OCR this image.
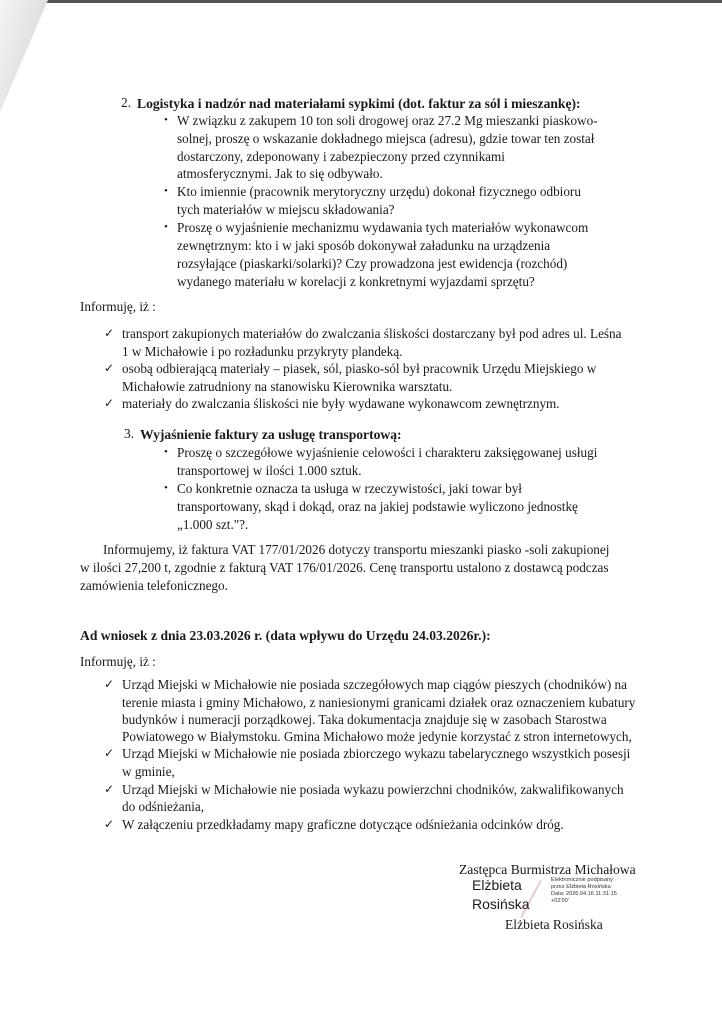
2. Logistyka i nadzór nad materiałami sypkimi (dot. faktur za sól i mieszankę):
• W związku z zakupem 10 ton soli drogowej oraz 27.2 Mg mieszanki piaskowo-
solnej, proszę o wskazanie dokładnego miejsca (adresu), gdzie towar ten został
dostarczony, zdeponowany i zabezpieczony przed czynnikami
atmosferycznymi. Jak to się odbywało.
• Kto imiennie (pracownik merytoryczny urzędu) dokonał fizycznego odbioru
tych materiałów w miejscu składowania?
• Proszę o wyjaśnienie mechanizmu wydawania tych materiałów wykonawcom
zewnętrznym: kto i w jaki sposób dokonywał załadunku na urządzenia
rozsyłające (piaskarki/solarki)? Czy prowadzona jest ewidencja (rozchód)
wydanego materiału w korelacji z konkretnymi wyjazdami sprzętu?
Informuję, iż :
✓ transport zakupionych materiałów do zwalczania śliskości dostarczany był pod adres ul. Leśna
1 w Michałowie i po rozładunku przykryty plandeką.
✓ osobą odbierającą materiały – piasek, sól, piasko-sól był pracownik Urzędu Miejskiego w
Michałowie zatrudniony na stanowisku Kierownika warsztatu.
✓ materiały do zwalczania śliskości nie były wydawane wykonawcom zewnętrznym.
3. Wyjaśnienie faktury za usługę transportową:
• Proszę o szczegółowe wyjaśnienie celowości i charakteru zaksięgowanej usługi
transportowej w ilości 1.000 sztuk.
• Co konkretnie oznacza ta usługa w rzeczywistości, jaki towar był
transportowany, skąd i dokąd, oraz na jakiej podstawie wyliczono jednostkę
„1.000 szt."?.
Informujemy, iż faktura VAT 177/01/2026 dotyczy transportu mieszanki piasko -soli zakupionej
w ilości 27,200 t, zgodnie z fakturą VAT 176/01/2026. Cenę transportu ustalono z dostawcą podczas
zamówienia telefonicznego.
Ad wniosek z dnia 23.03.2026 r. (data wpływu do Urzędu 24.03.2026r.):
Informuję, iż :
✓ Urząd Miejski w Michałowie nie posiada szczegółowych map ciągów pieszych (chodników) na
terenie miasta i gminy Michałowo, z naniesionymi granicami działek oraz oznaczeniem kubatury
budynków i numeracji porządkowej. Taka dokumentacja znajduje się w zasobach Starostwa
Powiatowego w Białymstoku. Gmina Michałowo może jedynie korzystać z stron internetowych,
✓ Urząd Miejski w Michałowie nie posiada zbiorczego wykazu tabelarycznego wszystkich posesji
w gminie,
✓ Urząd Miejski w Michałowie nie posiada wykazu powierzchni chodników, zakwalifikowanych
do odśnieżania,
✓ W załączeniu przedkładamy mapy graficzne dotyczące odśnieżania odcinków dróg.
Zastępca Burmistrza Michałowa
Elżbieta
Rosińska
Elektronicznie podpisany
przez Elżbieta Rosińska
Data: 2026.04.16 11:31:15
+02'00'
Elżbieta Rosińska
